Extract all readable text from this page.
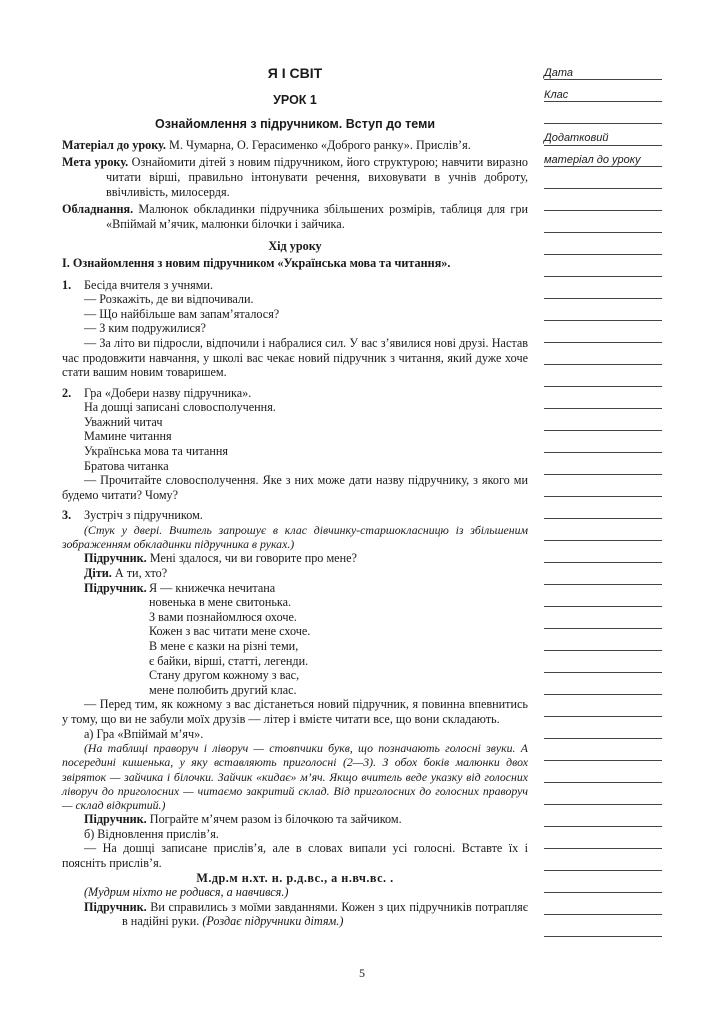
Я І СВІТ
УРОК 1
Ознайомлення з підручником. Вступ до теми

Матеріал до уроку. М. Чумарна, О. Герасименко «Доброго ранку». Прислів’я.

Мета уроку. Ознайомити дітей з новим підручником, його структурою; навчити виразно читати вірші, правильно інтонувати речення, виховувати в учнів доброту, ввічливість, милосердя.

Обладнання. Малюнок обкладинки підручника збільшених розмірів, таблиця для гри «Впіймай м’ячик, малюнки білочки і зайчика.

Хід уроку
І. Ознайомлення з новим підручником «Українська мова та читання».

1. Бесіда вчителя з учнями.

— Розкажіть, де ви відпочивали.

— Що найбільше вам запам’яталося?

— З ким подружилися?

— За літо ви підросли, відпочили і набралися сил. У вас з’явилися нові друзі. Настав час продовжити навчання, у школі вас чекає новий підручник з читання, який дуже хоче стати вашим новим товаришем.

2. Гра «Добери назву підручника».

На дошці записані словосполучення.

Уважний читач

Мамине читання

Українська мова та читання

Братова читанка

— Прочитайте словосполучення. Яке з них може дати назву підручнику, з якого ми будемо читати? Чому?

3. Зустріч з підручником.

(Стук у двері. Вчитель запрошує в клас дівчинку-старшокласницю із збільшеним зображенням обкладинки підручника в руках.)

Підручник. Мені здалося, чи ви говорите про мене?

Діти. А ти, хто?

Підручник. Я — книжечка нечитана

новенька в мене свитонька.

З вами познайомлюся охоче.

Кожен з вас читати мене схоче.

В мене є казки на різні теми,

є байки, вірші, статті, легенди.

Стану другом кожному з вас,

мене полюбить другий клас.

— Перед тим, як кожному з вас дістанеться новий підручник, я повинна впевнитись у тому, що ви не забули моїх друзів — літер і вмієте читати все, що вони складають.

а) Гра «Впіймай м’яч».

(На таблиці праворуч і ліворуч — стовпчики букв, що позначають голосні звуки. А посередині кишенька, у яку вставляють приголосні (2—3). З обох боків малюнки двох звіряток — зайчика і білочки. Зайчик «кидає» м’яч. Якщо вчитель веде указку від голосних ліворуч до приголосних — читаємо закритий склад. Від приголосних до голосних праворуч — склад відкритий.)

Підручник. Пограйте м’ячем разом із білочкою та зайчиком.

б) Відновлення прислів’я.

— На дошці записане прислів’я, але в словах випали усі голосні. Вставте їх і поясніть прислів’я.

М.др.м н.хт. н. р.д.вс., а н.вч.вс. .

(Мудрим ніхто не родився, а навчився.)

Підручник. Ви справились з моїми завданнями. Кожен з цих підручників потрапляє в надійні руки. (Роздає підручники дітям.)

Дата
Клас
Додатковий
матеріал до уроку
5
